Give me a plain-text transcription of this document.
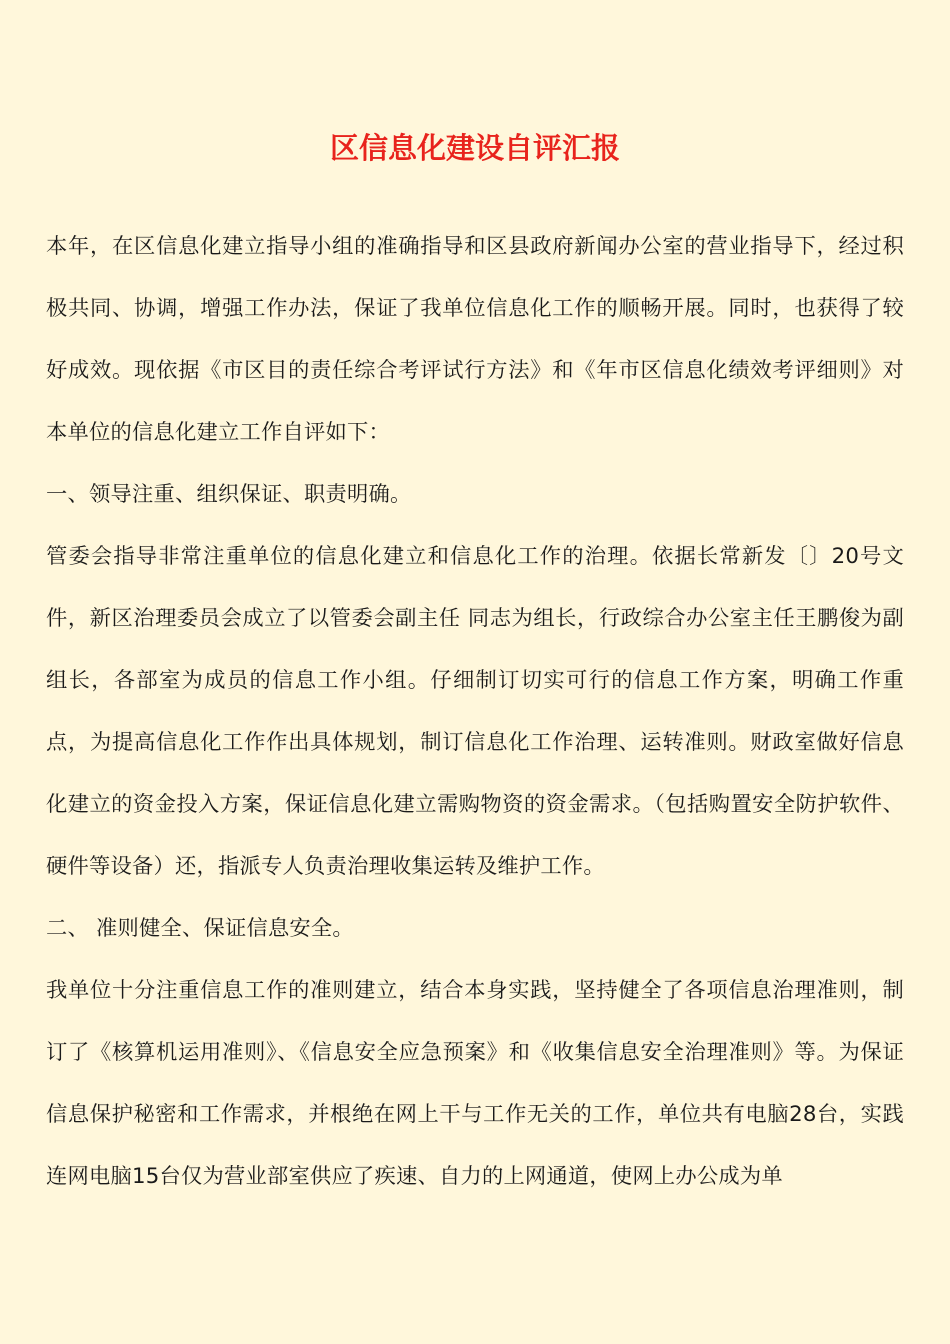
区信息化建设自评汇报

本年，在区信息化建立指导小组的准确指导和区县政府新闻办公室的营业指导下，经过积极共同、协调，增强工作办法，保证了我单位信息化工作的顺畅开展。同时，也获得了较好成效。现依据《市区目的责任综合考评试行方法》和《年市区信息化绩效考评细则》对本单位的信息化建立工作自评如下：

一、领导注重、组织保证、职责明确。

管委会指导非常注重单位的信息化建立和信息化工作的治理。依据长常新发〔〕20号文件，新区治理委员会成立了以管委会副主任 同志为组长，行政综合办公室主任王鹏俊为副组长，各部室为成员的信息工作小组。仔细制订切实可行的信息工作方案，明确工作重点，为提高信息化工作作出具体规划，制订信息化工作治理、运转准则。财政室做好信息化建立的资金投入方案，保证信息化建立需购物资的资金需求。（包括购置安全防护软件、硬件等设备）还，指派专人负责治理收集运转及维护工作。

二、 准则健全、保证信息安全。

我单位十分注重信息工作的准则建立，结合本身实践，坚持健全了各项信息治理准则，制订了《核算机运用准则》、《信息安全应急预案》和《收集信息安全治理准则》等。为保证信息保护秘密和工作需求，并根绝在网上干与工作无关的工作，单位共有电脑28台，实践连网电脑15台仅为营业部室供应了疾速、自力的上网通道，使网上办公成为单
